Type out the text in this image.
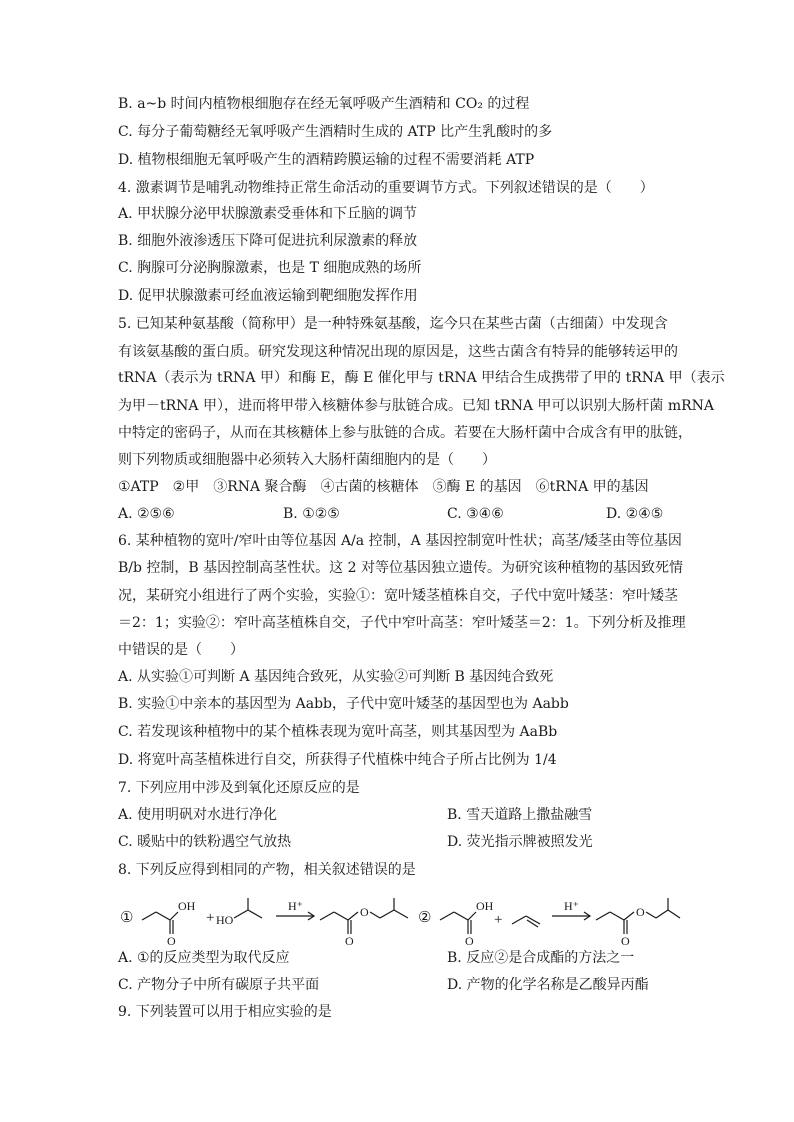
B. a~b 时间内植物根细胞存在经无氧呼吸产生酒精和 CO₂ 的过程
C. 每分子葡萄糖经无氧呼吸产生酒精时生成的 ATP 比产生乳酸时的多
D. 植物根细胞无氧呼吸产生的酒精跨膜运输的过程不需要消耗 ATP
4. 激素调节是哺乳动物维持正常生命活动的重要调节方式。下列叙述错误的是（　　）
A. 甲状腺分泌甲状腺激素受垂体和下丘脑的调节
B. 细胞外液渗透压下降可促进抗利尿激素的释放
C. 胸腺可分泌胸腺激素，也是 T 细胞成熟的场所
D. 促甲状腺激素可经血液运输到靶细胞发挥作用
5. 已知某种氨基酸（简称甲）是一种特殊氨基酸，迄今只在某些古菌（古细菌）中发现含
有该氨基酸的蛋白质。研究发现这种情况出现的原因是，这些古菌含有特异的能够转运甲的
tRNA（表示为 tRNA 甲）和酶 E，酶 E 催化甲与 tRNA 甲结合生成携带了甲的 tRNA 甲（表示
为甲－tRNA 甲），进而将甲带入核糖体参与肽链合成。已知 tRNA 甲可以识别大肠杆菌 mRNA
中特定的密码子，从而在其核糖体上参与肽链的合成。若要在大肠杆菌中合成含有甲的肽链，
则下列物质或细胞器中必须转入大肠杆菌细胞内的是（　　）
①ATP　②甲　③RNA 聚合酶　④古菌的核糖体　⑤酶 E 的基因　⑥tRNA 甲的基因
A. ②⑤⑥	B. ①②⑤	C. ③④⑥	D. ②④⑤
6. 某种植物的宽叶/窄叶由等位基因 A/a 控制，A 基因控制宽叶性状；高茎/矮茎由等位基因
B/b 控制，B 基因控制高茎性状。这 2 对等位基因独立遗传。为研究该种植物的基因致死情
况，某研究小组进行了两个实验，实验①：宽叶矮茎植株自交，子代中宽叶矮茎：窄叶矮茎
＝2：1；实验②：窄叶高茎植株自交，子代中窄叶高茎：窄叶矮茎＝2：1。下列分析及推理
中错误的是（　　）
A. 从实验①可判断 A 基因纯合致死，从实验②可判断 B 基因纯合致死
B. 实验①中亲本的基因型为 Aabb，子代中宽叶矮茎的基因型也为 Aabb
C. 若发现该种植物中的某个植株表现为宽叶高茎，则其基因型为 AaBb
D. 将宽叶高茎植株进行自交，所获得子代植株中纯合子所占比例为 1/4
7. 下列应用中涉及到氧化还原反应的是
A. 使用明矾对水进行净化	B. 雪天道路上撒盐融雪
C. 暖贴中的铁粉遇空气放热	D. 荧光指示牌被照发光
8. 下列反应得到相同的产物，相关叙述错误的是
①
OH
O
+ HO
H⁺	O
O
②
OH
O
+
H⁺	O
O
A. ①的反应类型为取代反应	B. 反应②是合成酯的方法之一
C. 产物分子中所有碳原子共平面	D. 产物的化学名称是乙酸异丙酯
9. 下列装置可以用于相应实验的是
